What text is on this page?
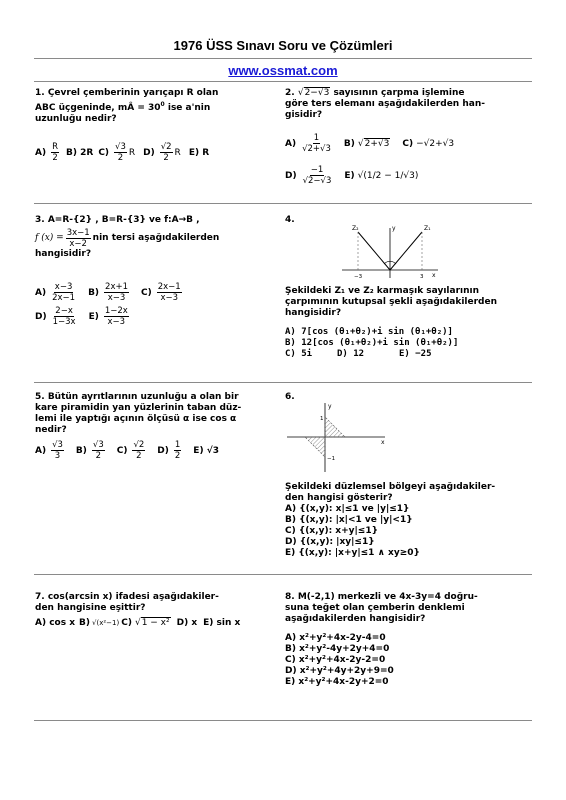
1976 ÜSS Sınavı Soru ve Çözümleri
www.ossmat.com
1. Çevrel çemberinin yarıçapı R olan
ABC üçgeninde, mÂ = $30^0$ ise a'nin
uzunluğu nedir?
$A) \frac{R}{2} B$) 2R $C) \frac{√3}{2}$ R $D) \frac{√2}{2}$ R E) R
2. √2−√3 sayısının çarpma işlemine
göre ters elemanı aşağıdakilerden han-
gisidir?
$A) \frac{1}{√2+√3} B$) √2+√3 C) −√2+√3
$D) \frac{-1}{√2-√3} E$) √(1/2 − 1/√3)
3. A=R-{2} , B=R-{3} ve f:A→B ,
f $(x) = \frac{3x-1}{x-2}$ nin tersi aşağıdakilerden
hangisidir?
$A) \frac{x-3}{2x-1} B) \frac{2x+1}{x-3} C) \frac{2x-1}{x-3}$
$D) \frac{2-x}{1-3x} E) \frac{1-2x}{x-3}$
4.
Z₂	Z₁
y
x
−3	3
Şekildeki Z₁ ve Z₂ karmaşık sayılarının
çarpımının kutupsal şekli aşağıdakilerden
hangisidir?
A) 7[cos (θ₁+θ₂)+i sin (θ₁+θ₂)]
B) 12[cos (θ₁+θ₂)+i sin (θ₁+θ₂)]
C) 5i	D) 12	E) −25
5. Bütün ayrıtlarının uzunluğu a olan bir
kare piramidin yan yüzlerinin taban düz-
lemi ile yaptığı açının ölçüsü α ise cos α
nedir?
$A) \frac{√3}{3} B) \frac{√3}{2} C) \frac{√2}{2} D) \frac{1}{2} E$) √3
6.
y
x
1
−1
Şekildeki düzlemsel bölgeyi aşağıdakiler-
den hangisi gösterir?
A) {(x,y): x|≤1 ve |y|≤1}
B) {(x,y): |x|<1 ve |y|<1}
C) {(x,y): x+y|≤1}
D) {(x,y): |xy|≤1}
E) {(x,y): |x+y|≤1 ∧ xy≥0}
7. cos(arcsin x) ifadesi aşağıdakiler-
den hangisine eşittir?
A) cos x B) √(x²−1) C) √1 − x² D) x E) sin x
8. M(-2,1) merkezli ve 4x-3y=4 doğru-
suna teğet olan çemberin denklemi
aşağıdakilerden hangisidir?
A) x²+y²+4x-2y-4=0
B) x²+y²-4y+2y+4=0
C) x²+y²+4x-2y-2=0
D) x²+y²+4y+2y+9=0
E) x²+y²+4x-2y+2=0
